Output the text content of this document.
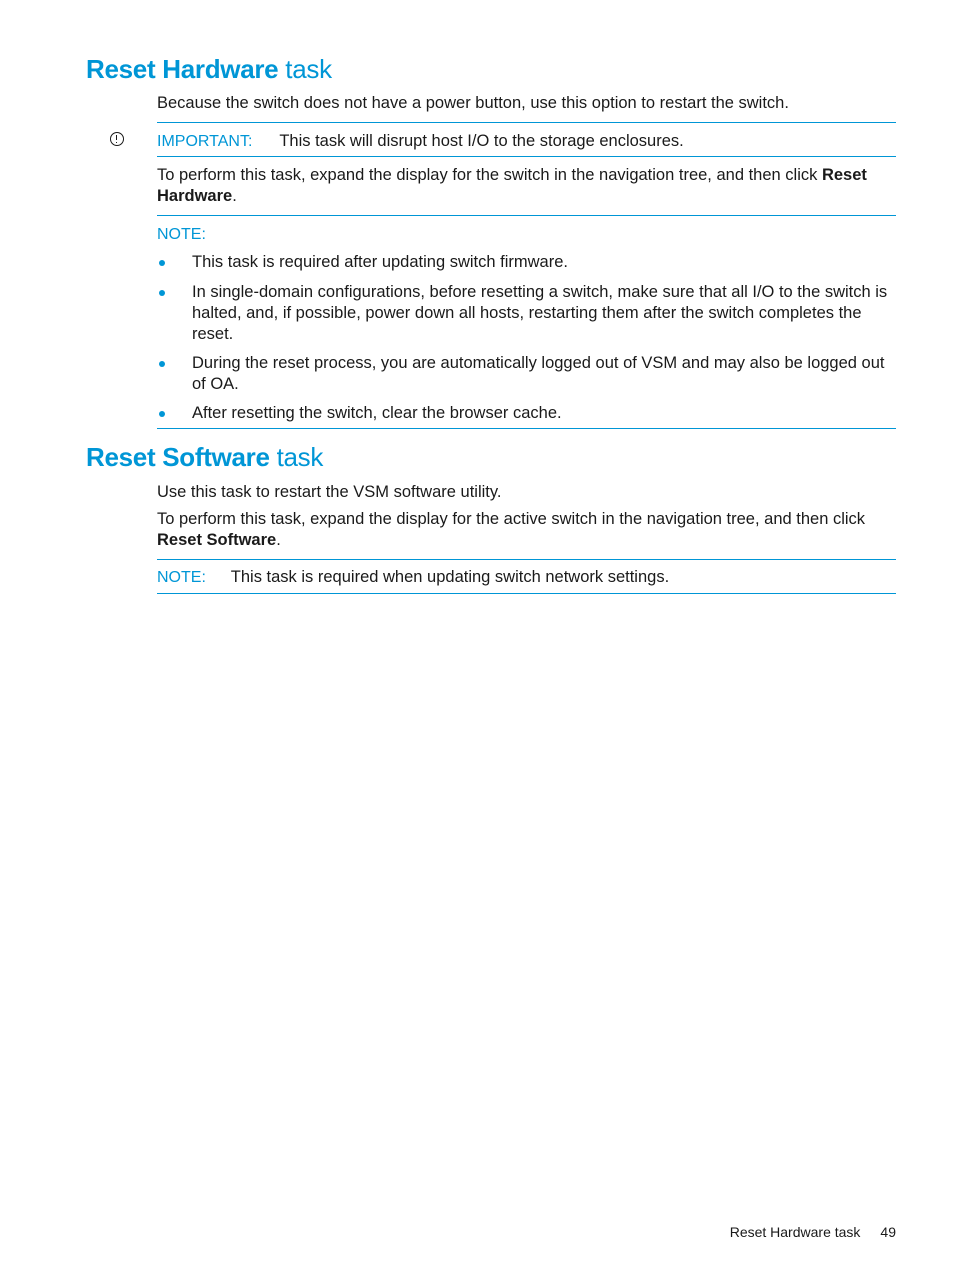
Reset Hardware task
Because the switch does not have a power button, use this option to restart the switch.
IMPORTANT: This task will disrupt host I/O to the storage enclosures.
To perform this task, expand the display for the switch in the navigation tree, and then click Reset Hardware.
NOTE:
This task is required after updating switch firmware.
In single-domain configurations, before resetting a switch, make sure that all I/O to the switch is halted, and, if possible, power down all hosts, restarting them after the switch completes the reset.
During the reset process, you are automatically logged out of VSM and may also be logged out of OA.
After resetting the switch, clear the browser cache.
Reset Software task
Use this task to restart the VSM software utility.
To perform this task, expand the display for the active switch in the navigation tree, and then click Reset Software.
NOTE: This task is required when updating switch network settings.
Reset Hardware task 49
